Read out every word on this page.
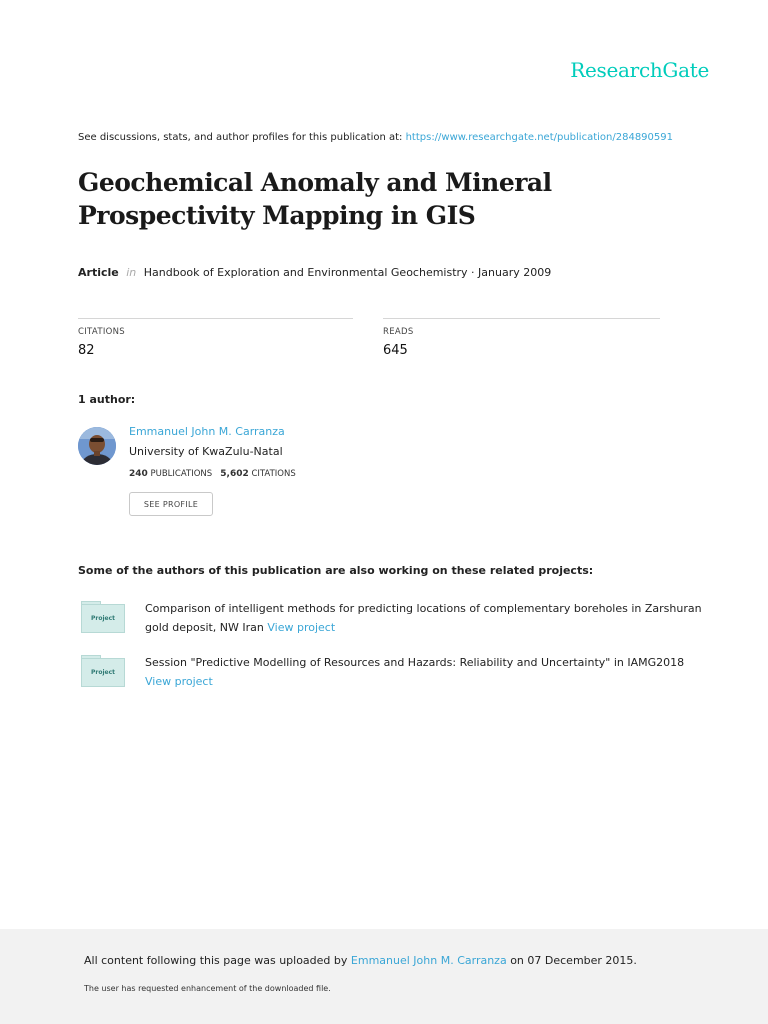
ResearchGate
See discussions, stats, and author profiles for this publication at: https://www.researchgate.net/publication/284890591
Geochemical Anomaly and Mineral Prospectivity Mapping in GIS
Article in Handbook of Exploration and Environmental Geochemistry · January 2009
CITATIONS
82
READS
645
1 author:
Emmanuel John M. Carranza
University of KwaZulu-Natal
240 PUBLICATIONS 5,602 CITATIONS
SEE PROFILE
Some of the authors of this publication are also working on these related projects:
Project
Comparison of intelligent methods for predicting locations of complementary boreholes in Zarshuran gold deposit, NW Iran View project
Project
Session "Predictive Modelling of Resources and Hazards: Reliability and Uncertainty" in IAMG2018 View project
All content following this page was uploaded by Emmanuel John M. Carranza on 07 December 2015.
The user has requested enhancement of the downloaded file.
